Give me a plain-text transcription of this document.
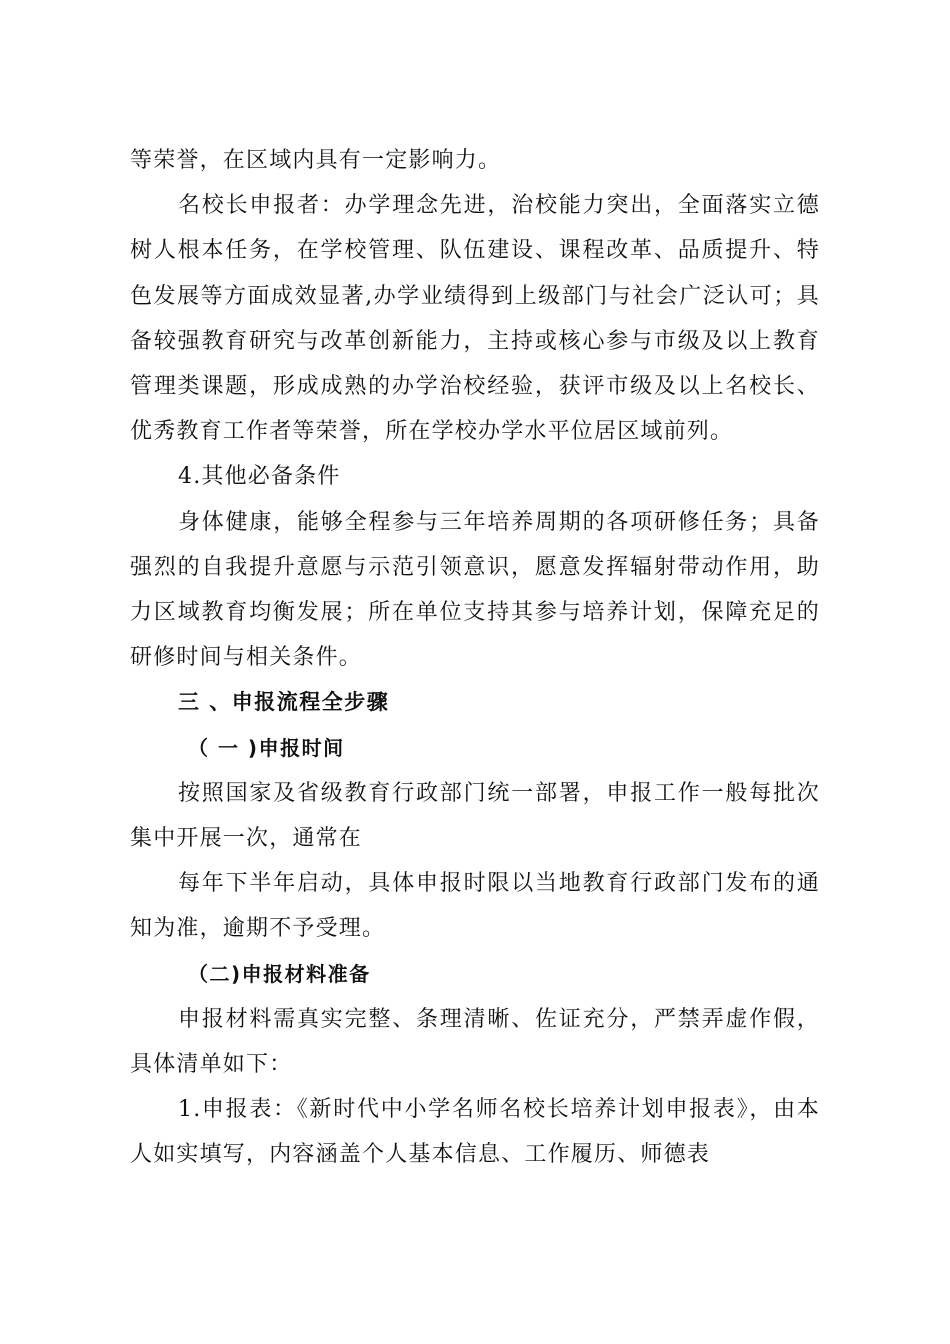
等荣誉，在区域内具有一定影响力。

名校长申报者：办学理念先进，治校能力突出，全面落实立德树人根本任务，在学校管理、队伍建设、课程改革、品质提升、特色发展等方面成效显著,办学业绩得到上级部门与社会广泛认可；具备较强教育研究与改革创新能力，主持或核心参与市级及以上教育管理类课题，形成成熟的办学治校经验，获评市级及以上名校长、优秀教育工作者等荣誉，所在学校办学水平位居区域前列。

4.其他必备条件

身体健康，能够全程参与三年培养周期的各项研修任务；具备强烈的自我提升意愿与示范引领意识，愿意发挥辐射带动作用，助力区域教育均衡发展；所在单位支持其参与培养计划，保障充足的研修时间与相关条件。

三 、申报流程全步骤

（ 一 )申报时间

按照国家及省级教育行政部门统一部署，申报工作一般每批次集中开展一次，通常在

每年下半年启动，具体申报时限以当地教育行政部门发布的通知为准，逾期不予受理。

（二)申报材料准备

申报材料需真实完整、条理清晰、佐证充分，严禁弄虚作假，具体清单如下：

1.申报表：《新时代中小学名师名校长培养计划申报表》，由本人如实填写，内容涵盖个人基本信息、工作履历、师德表
